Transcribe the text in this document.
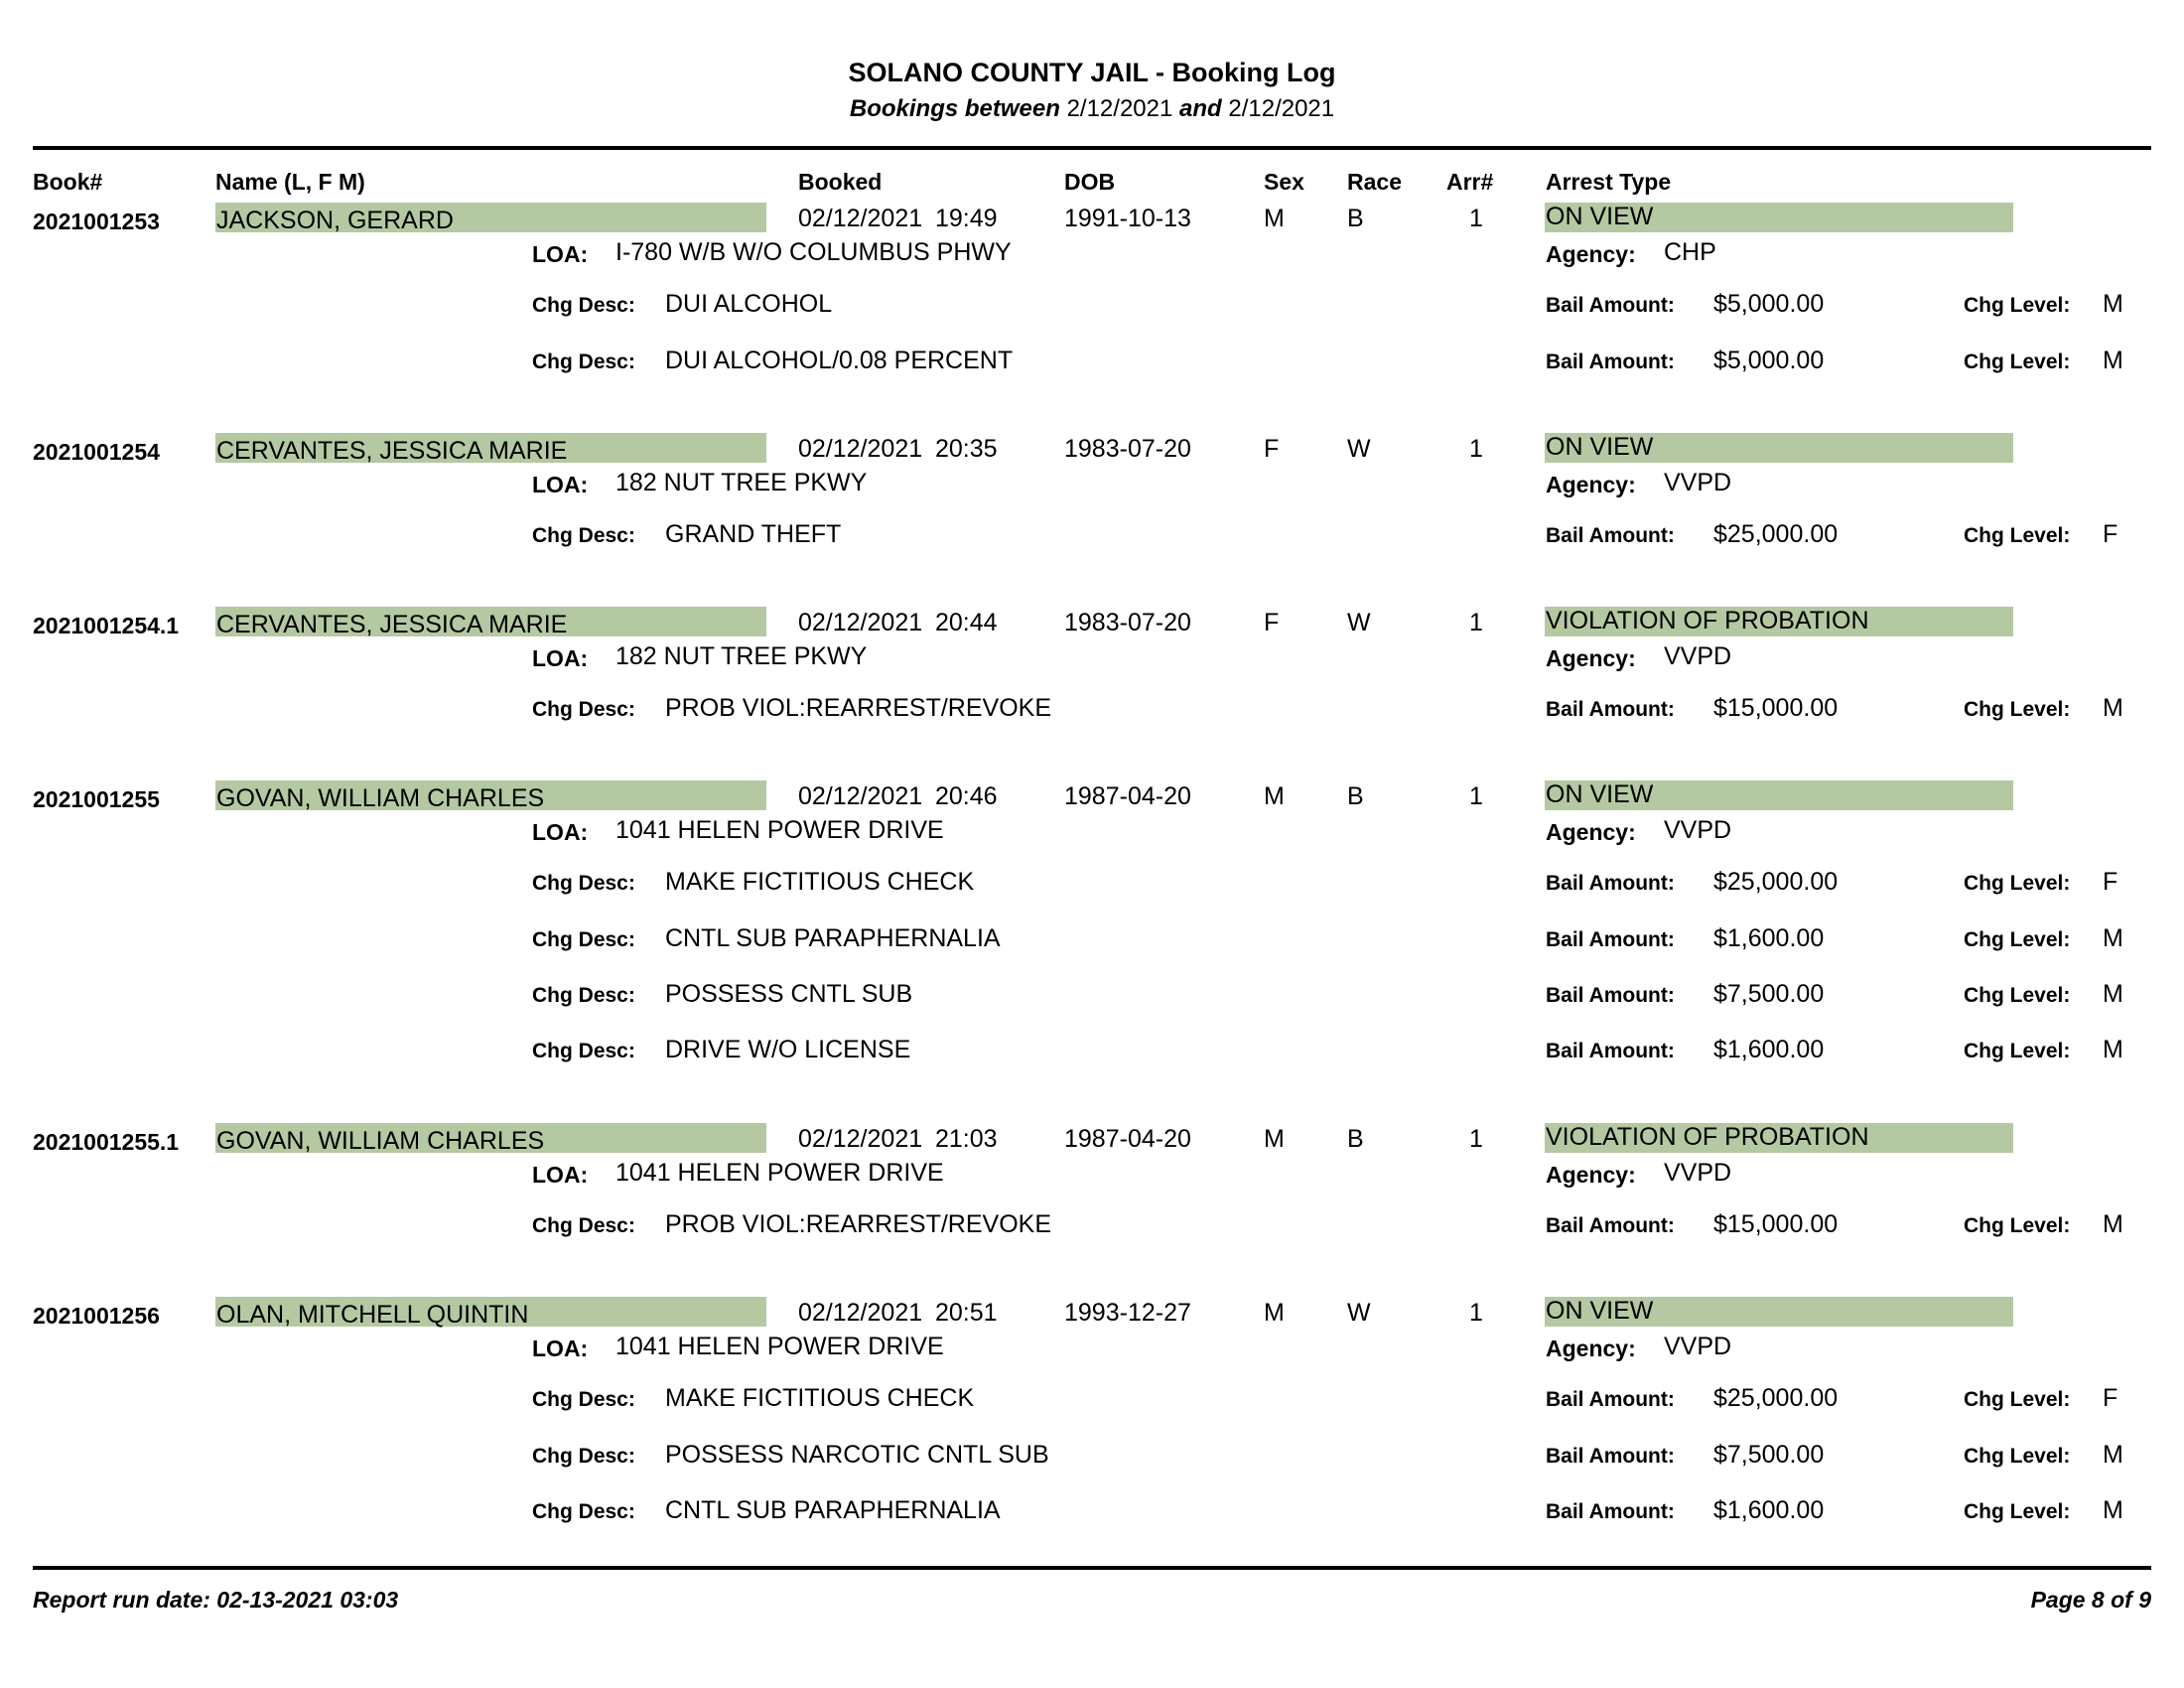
SOLANO COUNTY JAIL - Booking Log
Bookings between 2/12/2021 and 2/12/2021
Book#	Name (L, F M)	Booked	DOB	Sex Race Arr# Arrest Type
2021001253 JACKSON, GERARD	02/12/2021 19:49	1991-10-13	M	B	1	ON VIEW
LOA: I-780 W/B W/O COLUMBUS PHWY	Agency: CHP
Chg Desc: DUI ALCOHOL	Bail Amount: $5,000.00	Chg Level: M
Chg Desc: DUI ALCOHOL/0.08 PERCENT	Bail Amount: $5,000.00	Chg Level: M
2021001254 CERVANTES, JESSICA MARIE	02/12/2021 20:35	1983-07-20	F	W	1	ON VIEW
LOA: 182 NUT TREE PKWY	Agency: VVPD
Chg Desc: GRAND THEFT	Bail Amount: $25,000.00	Chg Level: F
2021001254.1 CERVANTES, JESSICA MARIE	02/12/2021 20:44	1983-07-20	F	W	1	VIOLATION OF PROBATION
LOA: 182 NUT TREE PKWY	Agency: VVPD
Chg Desc: PROB VIOL:REARREST/REVOKE	Bail Amount: $15,000.00	Chg Level: M
2021001255 GOVAN, WILLIAM CHARLES	02/12/2021 20:46	1987-04-20	M	B	1	ON VIEW
LOA: 1041 HELEN POWER DRIVE	Agency: VVPD
Chg Desc: MAKE FICTITIOUS CHECK	Bail Amount: $25,000.00	Chg Level: F
Chg Desc: CNTL SUB PARAPHERNALIA	Bail Amount: $1,600.00	Chg Level: M
Chg Desc: POSSESS CNTL SUB	Bail Amount: $7,500.00	Chg Level: M
Chg Desc: DRIVE W/O LICENSE	Bail Amount: $1,600.00	Chg Level: M
2021001255.1 GOVAN, WILLIAM CHARLES	02/12/2021 21:03	1987-04-20	M	B	1	VIOLATION OF PROBATION
LOA: 1041 HELEN POWER DRIVE	Agency: VVPD
Chg Desc: PROB VIOL:REARREST/REVOKE	Bail Amount: $15,000.00	Chg Level: M
2021001256 OLAN, MITCHELL QUINTIN	02/12/2021 20:51	1993-12-27	M	W	1	ON VIEW
LOA: 1041 HELEN POWER DRIVE	Agency: VVPD
Chg Desc: MAKE FICTITIOUS CHECK	Bail Amount: $25,000.00	Chg Level: F
Chg Desc: POSSESS NARCOTIC CNTL SUB	Bail Amount: $7,500.00	Chg Level: M
Chg Desc: CNTL SUB PARAPHERNALIA	Bail Amount: $1,600.00	Chg Level: M
Report run date: 02-13-2021 03:03	Page 8 of 9
